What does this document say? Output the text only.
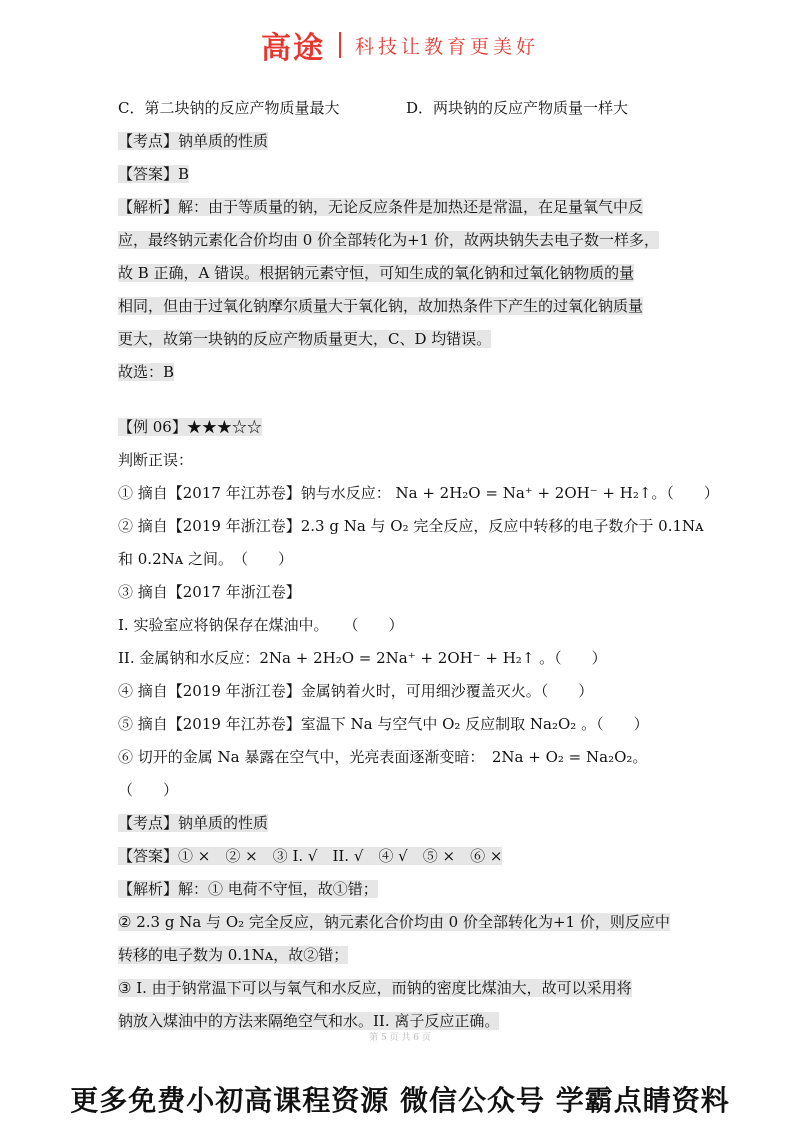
高途 科技让教育更美好
C．第二块钠的反应产物质量最大	D．两块钠的反应产物质量一样大
【考点】钠单质的性质
【答案】B
【解析】解：由于等质量的钠，无论反应条件是加热还是常温，在足量氧气中反
应，最终钠元素化合价均由 0 价全部转化为+1 价，故两块钠失去电子数一样多，
故 B 正确，A 错误。根据钠元素守恒，可知生成的氧化钠和过氧化钠物质的量
相同，但由于过氧化钠摩尔质量大于氧化钠，故加热条件下产生的过氧化钠质量
更大，故第一块钠的反应产物质量更大，C、D 均错误。
故选：B
【例 06】★★★☆☆
判断正误：
① 摘自【2017 年江苏卷】钠与水反应： Na + 2H₂O = Na⁺ + 2OH⁻ + H₂↑。（　　）
② 摘自【2019 年浙江卷】2.3 g Na 与 O₂ 完全反应，反应中转移的电子数介于 0.1Nᴀ
和 0.2Nᴀ 之间。　（　　）
③ 摘自【2017 年浙江卷】
I. 实验室应将钠保存在煤油中。　　（　　）
II. 金属钠和水反应：2Na + 2H₂O = 2Na⁺ + 2OH⁻ + H₂↑ 。（　　）
④ 摘自【2019 年浙江卷】金属钠着火时，可用细沙覆盖灭火。（　　）
⑤ 摘自【2019 年江苏卷】室温下 Na 与空气中 O₂ 反应制取 Na₂O₂ 。（　　）
⑥ 切开的金属 Na 暴露在空气中，光亮表面逐渐变暗：　2Na + O₂ = Na₂O₂。
（　　）
【考点】钠单质的性质
【答案】① ×　② ×　③ I. √　II. √　④ √　⑤ ×　⑥ ×
【解析】解：① 电荷不守恒，故①错；
② 2.3 g Na 与 O₂ 完全反应，钠元素化合价均由 0 价全部转化为+1 价，则反应中
转移的电子数为 0.1Nᴀ，故②错；
③ I. 由于钠常温下可以与氧气和水反应，而钠的密度比煤油大，故可以采用将
钠放入煤油中的方法来隔绝空气和水。II. 离子反应正确。
第 5 页 共 6 页
更多免费小初高课程资源 微信公众号 学霸点睛资料
